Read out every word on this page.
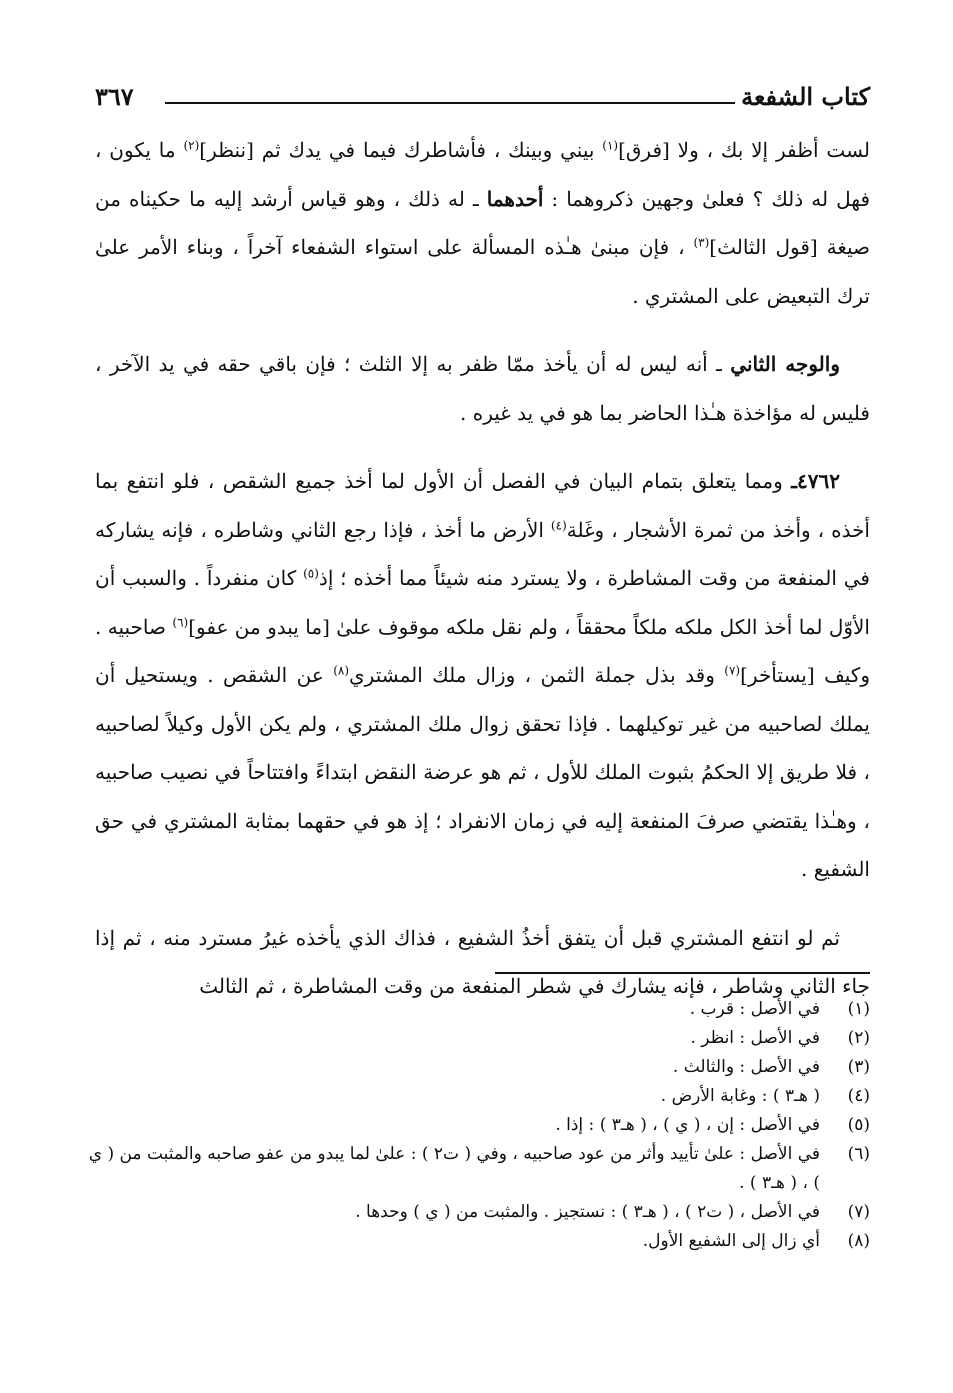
كتاب الشفعة
٣٦٧

لست أظفر إلا بك ، ولا [فرق]$^{(١)}$ بيني وبينك ، فأشاطرك فيما في يدك ثم [ننظر]$^{(٢)}$ ما يكون ، فهل له ذلك ؟ فعلىٰ وجهين ذكروهما : أحدهما ـ له ذلك ، وهو قياس أرشد إليه ما حكيناه من صيغة [قول الثالث]$^{(٣)}$ ، فإن مبنىٰ هـٰذه المسألة على استواء الشفعاء آخراً ، وبناء الأمر علىٰ ترك التبعيض على المشتري .

والوجه الثاني ـ أنه ليس له أن يأخذ ممّا ظفر به إلا الثلث ؛ فإن باقي حقه في يد الآخر ، فليس له مؤاخذة هـٰذا الحاضر بما هو في يد غيره .

٤٧٦٢ـ ومما يتعلق بتمام البيان في الفصل أن الأول لما أخذ جميع الشقص ، فلو انتفع بما أخذه ، وأخذ من ثمرة الأشجار ، وغَلة$^{(٤)}$ الأرض ما أخذ ، فإذا رجع الثاني وشاطره ، فإنه يشاركه في المنفعة من وقت المشاطرة ، ولا يسترد منه شيئاً مما أخذه ؛ إذ$^{(٥)}$ كان منفرداً . والسبب أن الأوّل لما أخذ الكل ملكه ملكاً محققاً ، ولم نقل ملكه موقوف علىٰ [ما يبدو من عفو]$^{(٦)}$ صاحبيه . وكيف [يستأخر]$^{(٧)}$ وقد بذل جملة الثمن ، وزال ملك المشتري$^{(٨)}$ عن الشقص . ويستحيل أن يملك لصاحبيه من غير توكيلهما . فإذا تحقق زوال ملك المشتري ، ولم يكن الأول وكيلاً لصاحبيه ، فلا طريق إلا الحكمُ بثبوت الملك للأول ، ثم هو عرضة النقض ابتداءً وافتتاحاً في نصيب صاحبيه ، وهـٰذا يقتضي صرفَ المنفعة إليه في زمان الانفراد ؛ إذ هو في حقهما بمثابة المشتري في حق الشفيع .

ثم لو انتفع المشتري قبل أن يتفق أخذُ الشفيع ، فذاك الذي يأخذه غيرُ مسترد منه ، ثم إذا جاء الثاني وشاطر ، فإنه يشارك في شطر المنفعة من وقت المشاطرة ، ثم الثالث

(١)
في الأصل : قرب .
(٢)
في الأصل : انظر .
(٣)
في الأصل : والثالث .
(٤)
( هـ٣ ) : وغابة الأرض .
(٥)
في الأصل : إن ، ( ي ) ، ( هـ٣ ) : إذا .
(٦)
في الأصل : علىٰ تأييد وأثر من عود صاحبيه ، وفي ( ت٢ ) : علىٰ لما يبدو من عفو صاحبه والمثبت من ( ي ) ، ( هـ٣ ) .
(٧)
في الأصل ، ( ت٢ ) ، ( هـ٣ ) : نستجيز . والمثبت من ( ي ) وحدها .
(٨)
أي زال إلى الشفيع الأول.
